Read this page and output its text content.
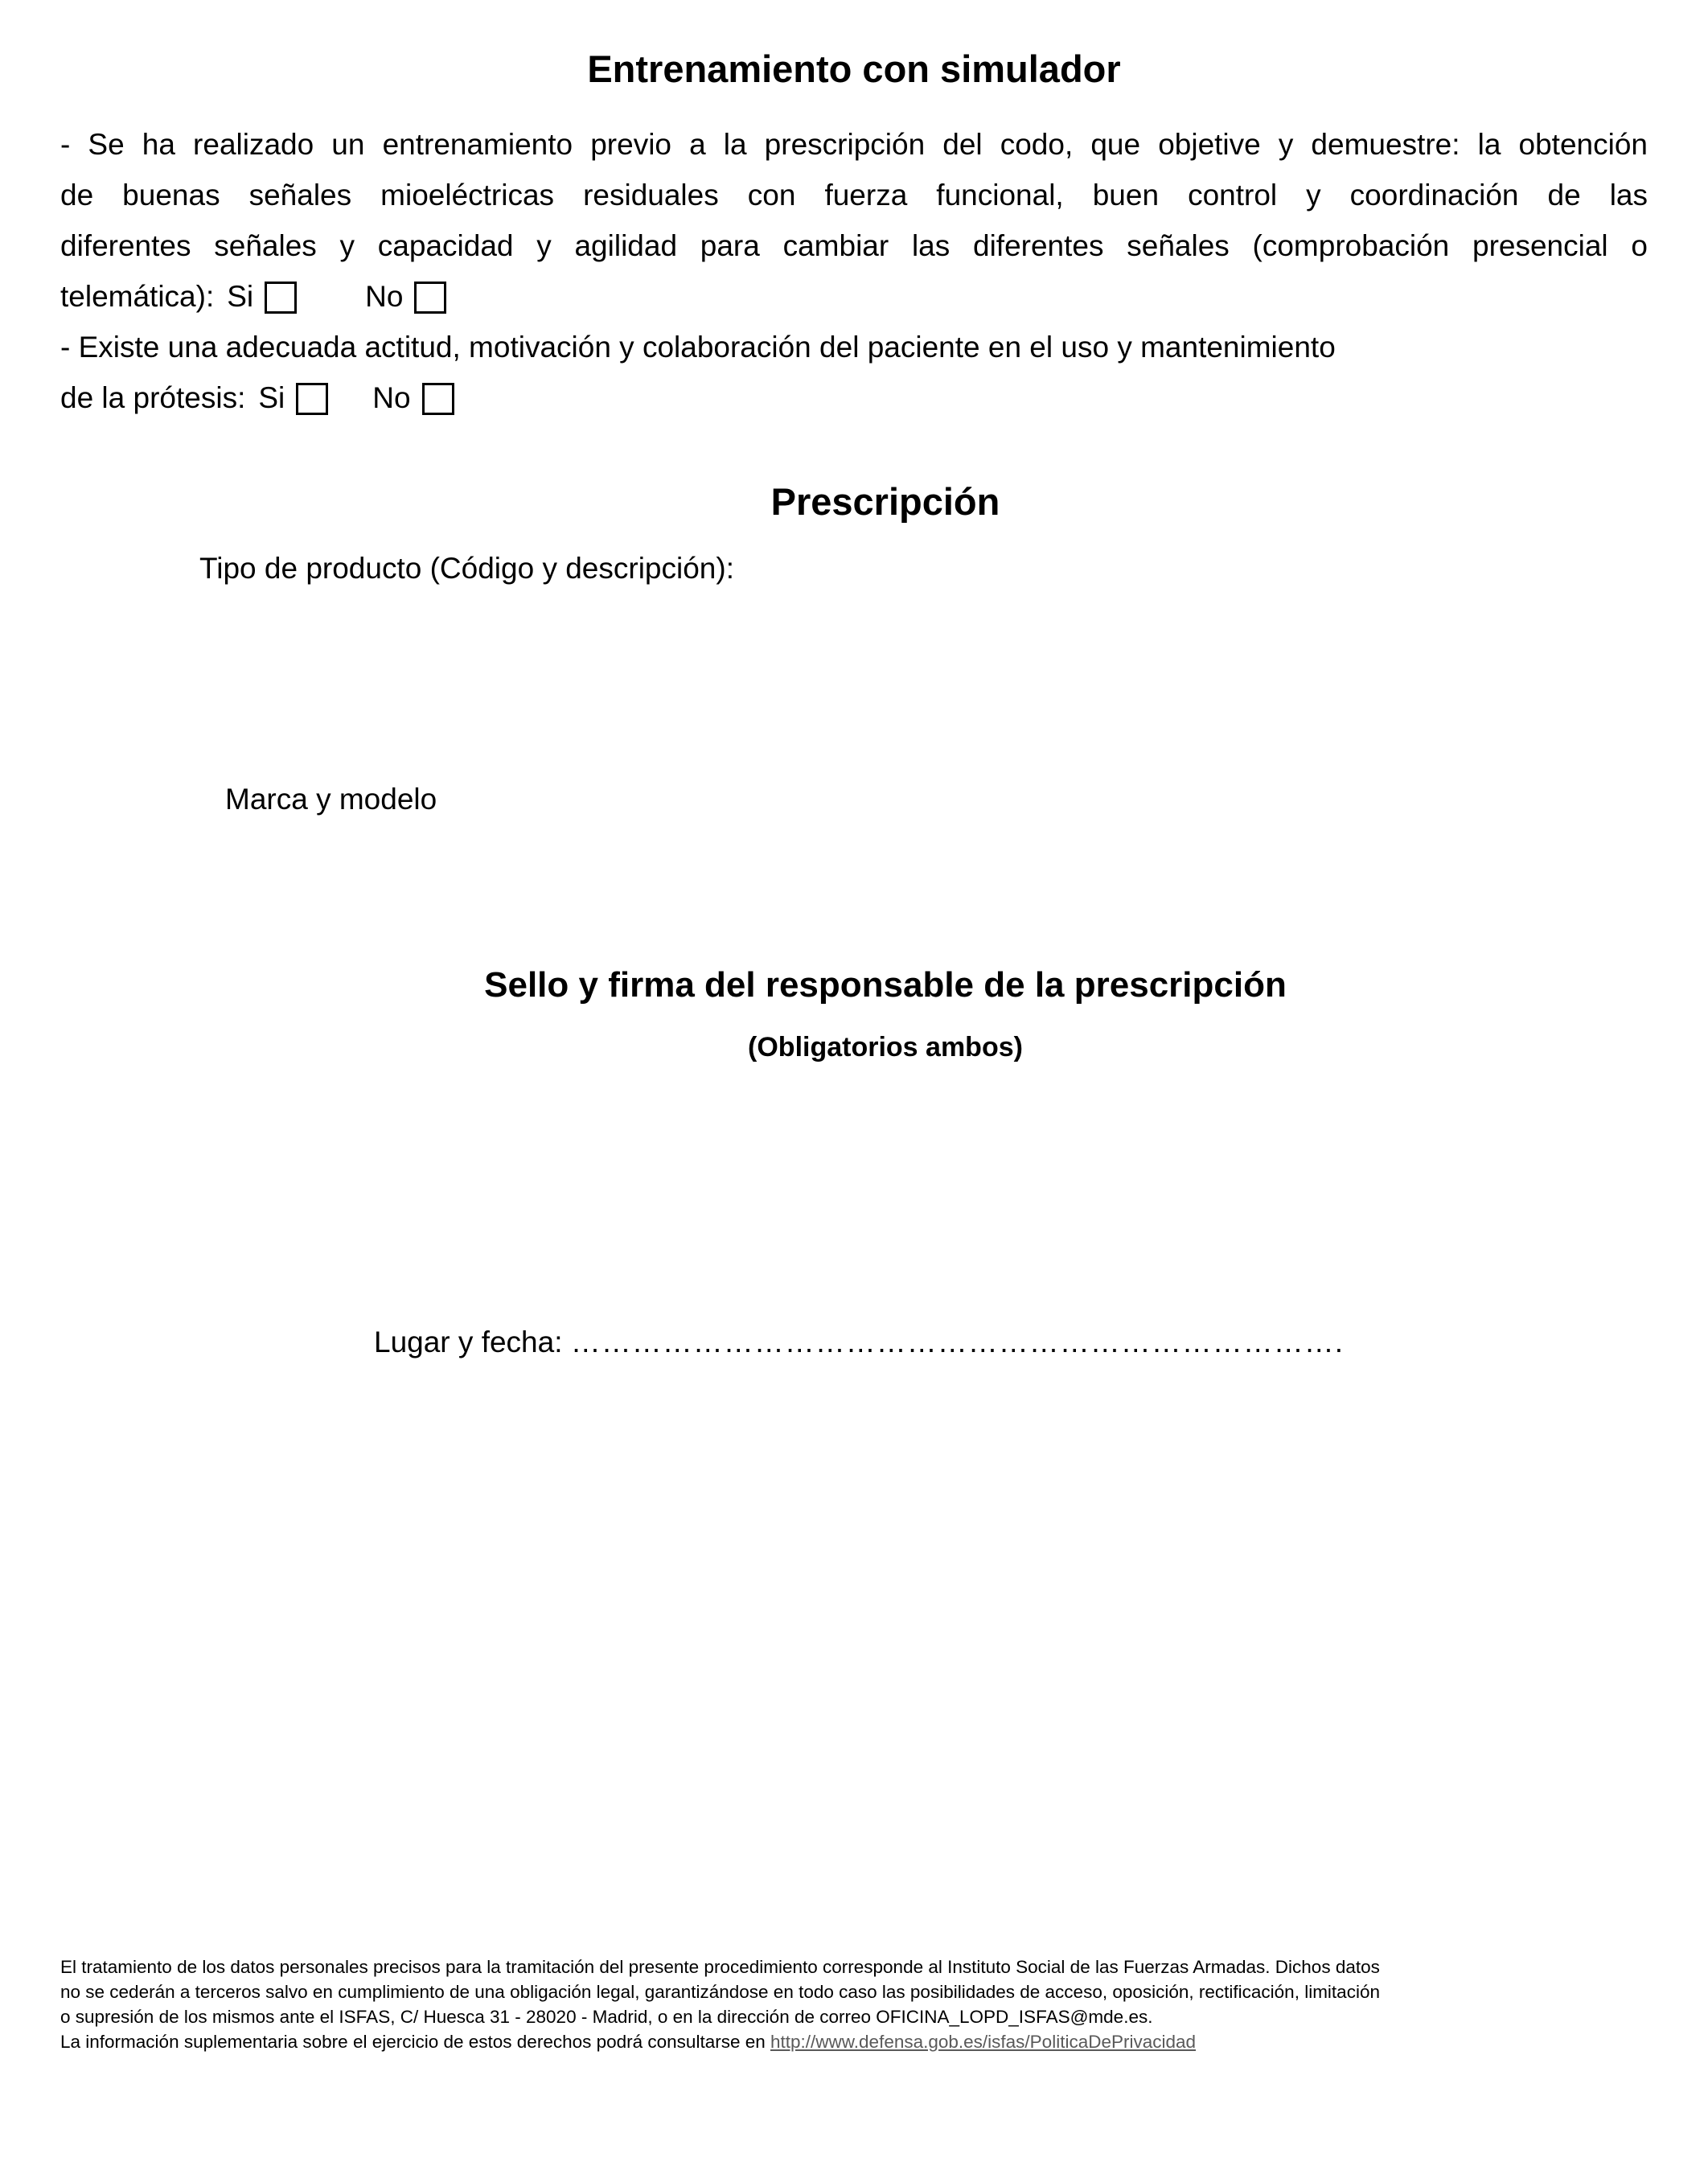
Entrenamiento con simulador
- Se ha realizado un entrenamiento previo a la prescripción del codo, que objetive y demuestre: la obtención
de buenas señales mioeléctricas residuales con fuerza funcional, buen control y coordinación de las
diferentes señales y capacidad y agilidad para cambiar las diferentes señales (comprobación presencial o
telemática): Si	No
- Existe una adecuada actitud, motivación y colaboración del paciente en el uso y mantenimiento
de la prótesis: Si	No
Prescripción
Tipo de producto (Código y descripción):
Marca y modelo
Sello y firma del responsable de la prescripción
(Obligatorios ambos)
Lugar y fecha: ………………………………………………………………….
El tratamiento de los datos personales precisos para la tramitación del presente procedimiento corresponde al Instituto Social de las Fuerzas Armadas. Dichos datos
no se cederán a terceros salvo en cumplimiento de una obligación legal, garantizándose en todo caso las posibilidades de acceso, oposición, rectificación, limitación
o supresión de los mismos ante el ISFAS, C/ Huesca 31 - 28020 - Madrid, o en la dirección de correo OFICINA_LOPD_ISFAS@mde.es.
La información suplementaria sobre el ejercicio de estos derechos podrá consultarse en http://www.defensa.gob.es/isfas/PoliticaDePrivacidad
